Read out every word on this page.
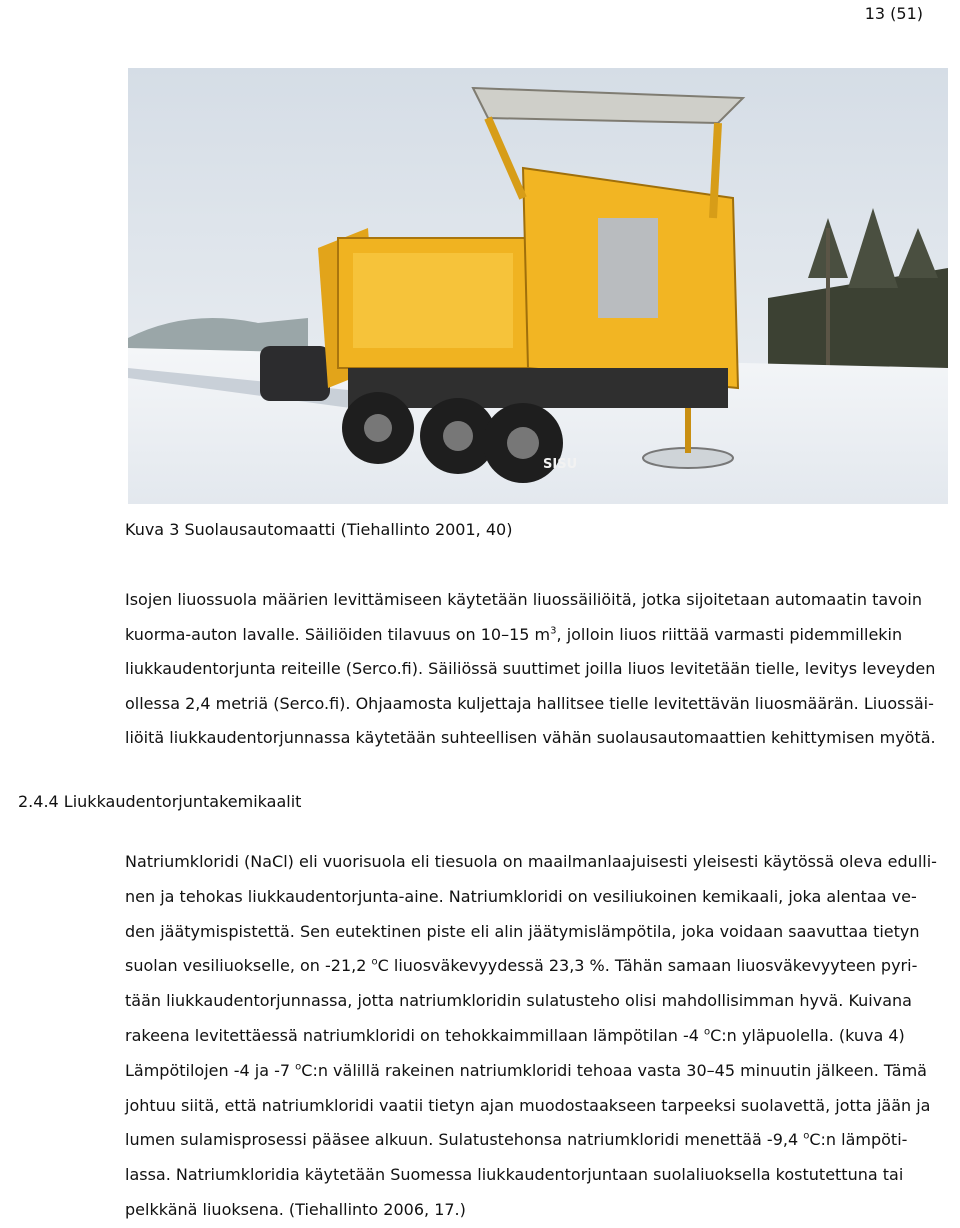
13 (51)
SISU
Kuva 3 Suolausautomaatti (Tiehallinto 2001, 40)

Isojen liuossuola määrien levittämiseen käytetään liuossäiliöitä, jotka sijoitetaan automaatin tavoin
kuorma-auton lavalle. Säiliöiden tilavuus on 10–15 $m^3$, jolloin liuos riittää varmasti pidemmillekin
liukkaudentorjunta reiteille (Serco.fi). Säiliössä suuttimet joilla liuos levitetään tielle, levitys leveyden
ollessa 2,4 metriä (Serco.fi). Ohjaamosta kuljettaja hallitsee tielle levitettävän liuosmäärän. Liuossäi-
liöitä liukkaudentorjunnassa käytetään suhteellisen vähän suolausautomaattien kehittymisen myötä.

2.4.4 Liukkaudentorjuntakemikaalit

Natriumkloridi (NaCl) eli vuorisuola eli tiesuola on maailmanlaajuisesti yleisesti käytössä oleva edulli-
nen ja tehokas liukkaudentorjunta-aine. Natriumkloridi on vesiliukoinen kemikaali, joka alentaa ve-
den jäätymispistettä. Sen eutektinen piste eli alin jäätymislämpötila, joka voidaan saavuttaa tietyn
suolan vesiliuokselle, on -21,2 $^o$C liuosväkevyydessä 23,3 %. Tähän samaan liuosväkevyyteen pyri-
tään liukkaudentorjunnassa, jotta natriumkloridin sulatusteho olisi mahdollisimman hyvä. Kuivana
rakeena levitettäessä natriumkloridi on tehokkaimmillaan lämpötilan -4 $^o$C:n yläpuolella. (kuva 4)
Lämpötilojen -4 ja -7 $^o$C:n välillä rakeinen natriumkloridi tehoaa vasta 30–45 minuutin jälkeen. Tämä
johtuu siitä, että natriumkloridi vaatii tietyn ajan muodostaakseen tarpeeksi suolavettä, jotta jään ja
lumen sulamisprosessi pääsee alkuun. Sulatustehonsa natriumkloridi menettää -9,4 $^o$C:n lämpöti-
lassa. Natriumkloridia käytetään Suomessa liukkaudentorjuntaan suolaliuoksella kostutettuna tai
pelkkänä liuoksena. (Tiehallinto 2006, 17.)
